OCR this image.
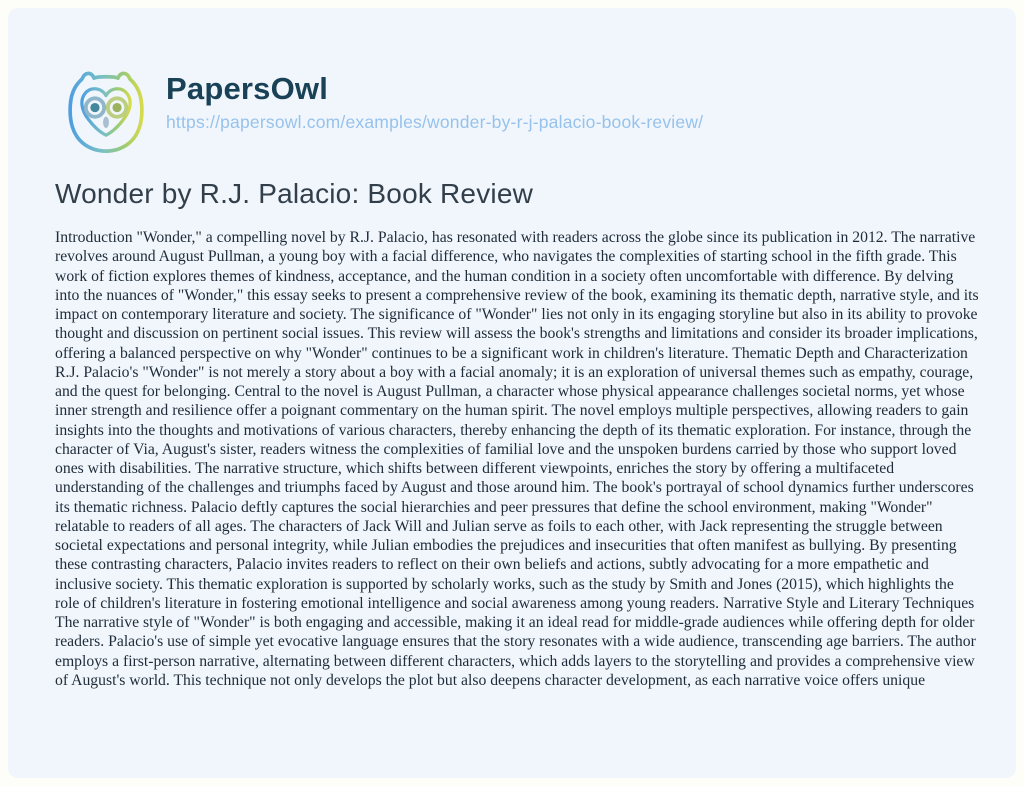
PapersOwl
https://papersowl.com/examples/wonder-by-r-j-palacio-book-review/
Wonder by R.J. Palacio: Book Review
Introduction "Wonder," a compelling novel by R.J. Palacio, has resonated with readers across the globe since its publication in 2012. The narrative revolves around August Pullman, a young boy with a facial difference, who navigates the complexities of starting school in the fifth grade. This work of fiction explores themes of kindness, acceptance, and the human condition in a society often uncomfortable with difference. By delving into the nuances of "Wonder," this essay seeks to present a comprehensive review of the book, examining its thematic depth, narrative style, and its impact on contemporary literature and society. The significance of "Wonder" lies not only in its engaging storyline but also in its ability to provoke thought and discussion on pertinent social issues. This review will assess the book's strengths and limitations and consider its broader implications, offering a balanced perspective on why "Wonder" continues to be a significant work in children's literature. Thematic Depth and Characterization R.J. Palacio's "Wonder" is not merely a story about a boy with a facial anomaly; it is an exploration of universal themes such as empathy, courage, and the quest for belonging. Central to the novel is August Pullman, a character whose physical appearance challenges societal norms, yet whose inner strength and resilience offer a poignant commentary on the human spirit. The novel employs multiple perspectives, allowing readers to gain insights into the thoughts and motivations of various characters, thereby enhancing the depth of its thematic exploration. For instance, through the character of Via, August's sister, readers witness the complexities of familial love and the unspoken burdens carried by those who support loved ones with disabilities. The narrative structure, which shifts between different viewpoints, enriches the story by offering a multifaceted understanding of the challenges and triumphs faced by August and those around him. The book's portrayal of school dynamics further underscores its thematic richness. Palacio deftly captures the social hierarchies and peer pressures that define the school environment, making "Wonder" relatable to readers of all ages. The characters of Jack Will and Julian serve as foils to each other, with Jack representing the struggle between societal expectations and personal integrity, while Julian embodies the prejudices and insecurities that often manifest as bullying. By presenting these contrasting characters, Palacio invites readers to reflect on their own beliefs and actions, subtly advocating for a more empathetic and inclusive society. This thematic exploration is supported by scholarly works, such as the study by Smith and Jones (2015), which highlights the role of children's literature in fostering emotional intelligence and social awareness among young readers. Narrative Style and Literary Techniques The narrative style of "Wonder" is both engaging and accessible, making it an ideal read for middle-grade audiences while offering depth for older readers. Palacio's use of simple yet evocative language ensures that the story resonates with a wide audience, transcending age barriers. The author employs a first-person narrative, alternating between different characters, which adds layers to the storytelling and provides a comprehensive view of August's world. This technique not only develops the plot but also deepens character development, as each narrative voice offers unique
